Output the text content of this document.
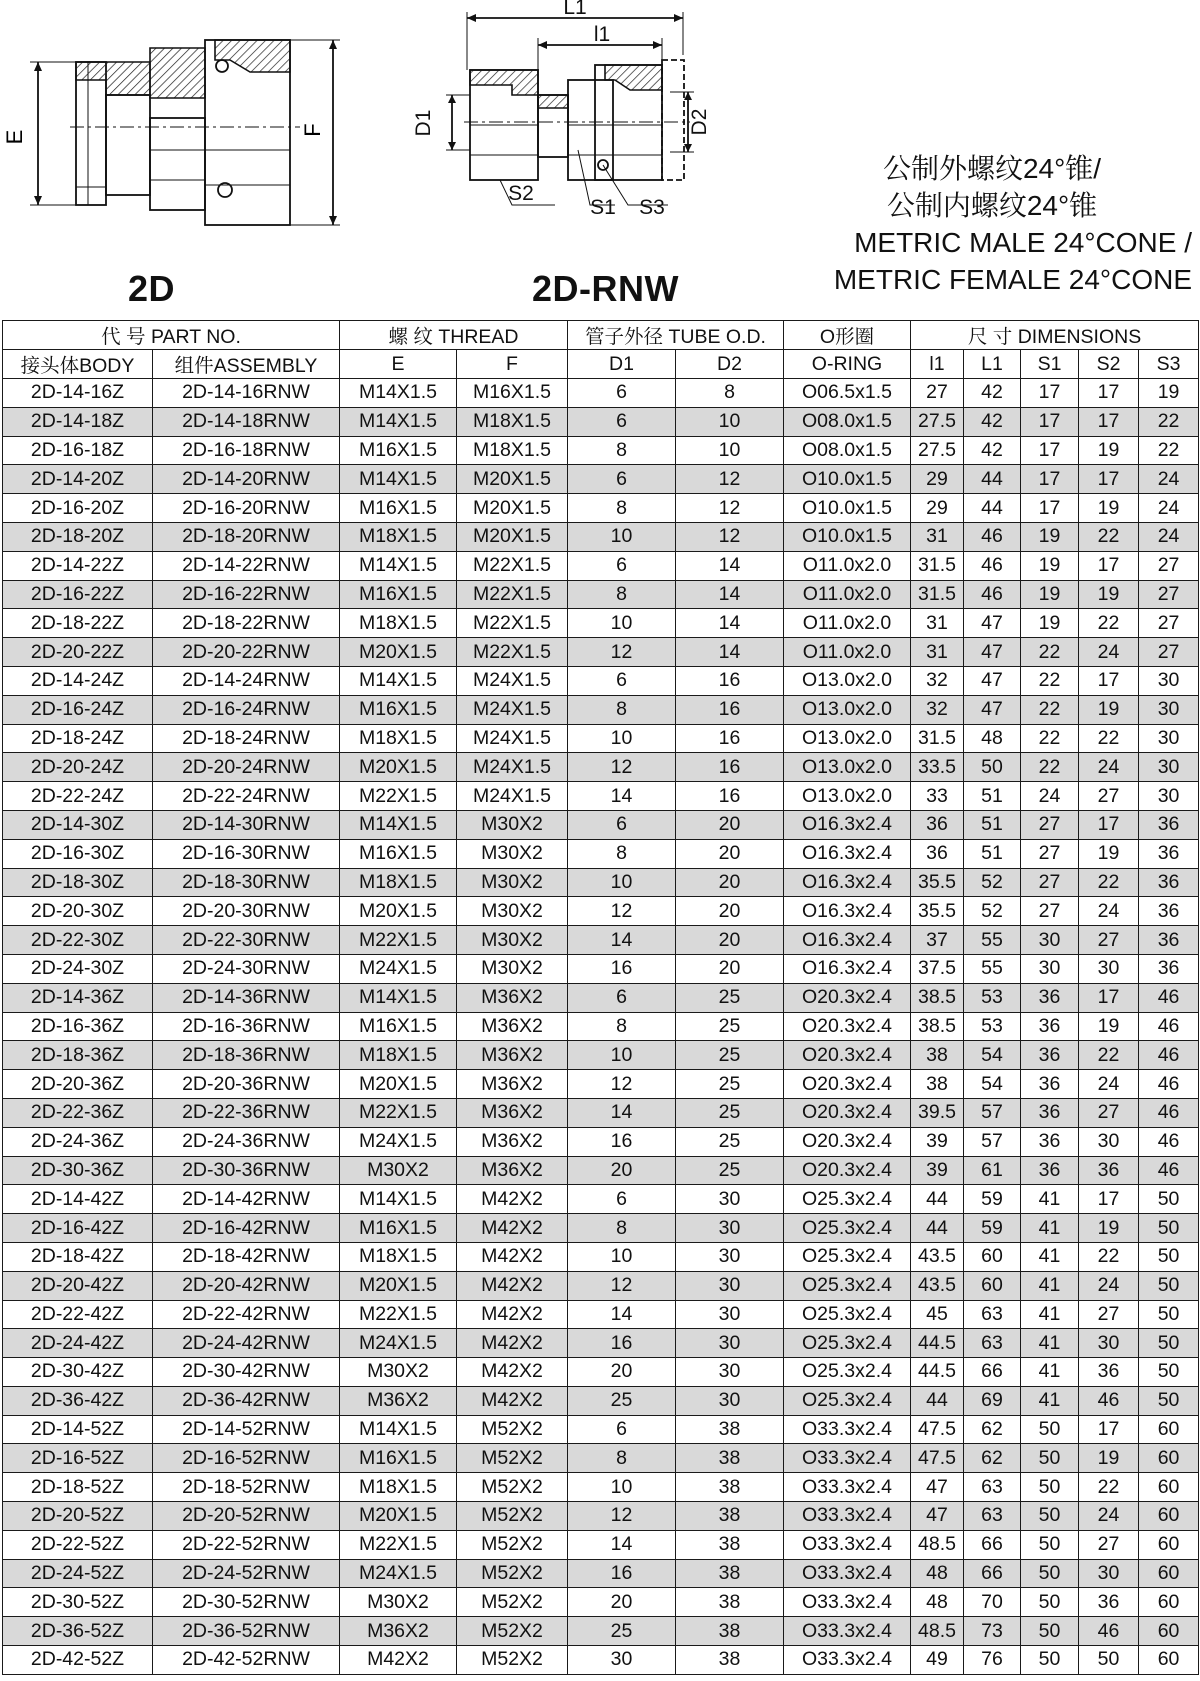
E	F
L1
l1
D1	D2
S2
S1 S3
2D	2D-RNW
公制外螺纹24°锥/
公制内螺纹24°锥
METRIC MALE 24°CONE /
METRIC FEMALE 24°CONE
代 号 PART NO.		螺 纹 THREAD		管子外径 TUBE O.D.		O形圈	尺 寸 DIMENSIONS				
接头体BODY	组件ASSEMBLY	E	F	D1	D2	O-RING	l1	L1	S1	S2	S3
2D-14-16Z	2D-14-16RNW	M14X1.5	M16X1.5	6	8	O06.5x1.5	27	42	17	17	19
2D-14-18Z	2D-14-18RNW	M14X1.5	M18X1.5	6	10	O08.0x1.5	27.5	42	17	17	22
2D-16-18Z	2D-16-18RNW	M16X1.5	M18X1.5	8	10	O08.0x1.5	27.5	42	17	19	22
2D-14-20Z	2D-14-20RNW	M14X1.5	M20X1.5	6	12	O10.0x1.5	29	44	17	17	24
2D-16-20Z	2D-16-20RNW	M16X1.5	M20X1.5	8	12	O10.0x1.5	29	44	17	19	24
2D-18-20Z	2D-18-20RNW	M18X1.5	M20X1.5	10	12	O10.0x1.5	31	46	19	22	24
2D-14-22Z	2D-14-22RNW	M14X1.5	M22X1.5	6	14	O11.0x2.0	31.5	46	19	17	27
2D-16-22Z	2D-16-22RNW	M16X1.5	M22X1.5	8	14	O11.0x2.0	31.5	46	19	19	27
2D-18-22Z	2D-18-22RNW	M18X1.5	M22X1.5	10	14	O11.0x2.0	31	47	19	22	27
2D-20-22Z	2D-20-22RNW	M20X1.5	M22X1.5	12	14	O11.0x2.0	31	47	22	24	27
2D-14-24Z	2D-14-24RNW	M14X1.5	M24X1.5	6	16	O13.0x2.0	32	47	22	17	30
2D-16-24Z	2D-16-24RNW	M16X1.5	M24X1.5	8	16	O13.0x2.0	32	47	22	19	30
2D-18-24Z	2D-18-24RNW	M18X1.5	M24X1.5	10	16	O13.0x2.0	31.5	48	22	22	30
2D-20-24Z	2D-20-24RNW	M20X1.5	M24X1.5	12	16	O13.0x2.0	33.5	50	22	24	30
2D-22-24Z	2D-22-24RNW	M22X1.5	M24X1.5	14	16	O13.0x2.0	33	51	24	27	30
2D-14-30Z	2D-14-30RNW	M14X1.5	M30X2	6	20	O16.3x2.4	36	51	27	17	36
2D-16-30Z	2D-16-30RNW	M16X1.5	M30X2	8	20	O16.3x2.4	36	51	27	19	36
2D-18-30Z	2D-18-30RNW	M18X1.5	M30X2	10	20	O16.3x2.4	35.5	52	27	22	36
2D-20-30Z	2D-20-30RNW	M20X1.5	M30X2	12	20	O16.3x2.4	35.5	52	27	24	36
2D-22-30Z	2D-22-30RNW	M22X1.5	M30X2	14	20	O16.3x2.4	37	55	30	27	36
2D-24-30Z	2D-24-30RNW	M24X1.5	M30X2	16	20	O16.3x2.4	37.5	55	30	30	36
2D-14-36Z	2D-14-36RNW	M14X1.5	M36X2	6	25	O20.3x2.4	38.5	53	36	17	46
2D-16-36Z	2D-16-36RNW	M16X1.5	M36X2	8	25	O20.3x2.4	38.5	53	36	19	46
2D-18-36Z	2D-18-36RNW	M18X1.5	M36X2	10	25	O20.3x2.4	38	54	36	22	46
2D-20-36Z	2D-20-36RNW	M20X1.5	M36X2	12	25	O20.3x2.4	38	54	36	24	46
2D-22-36Z	2D-22-36RNW	M22X1.5	M36X2	14	25	O20.3x2.4	39.5	57	36	27	46
2D-24-36Z	2D-24-36RNW	M24X1.5	M36X2	16	25	O20.3x2.4	39	57	36	30	46
2D-30-36Z	2D-30-36RNW	M30X2	M36X2	20	25	O20.3x2.4	39	61	36	36	46
2D-14-42Z	2D-14-42RNW	M14X1.5	M42X2	6	30	O25.3x2.4	44	59	41	17	50
2D-16-42Z	2D-16-42RNW	M16X1.5	M42X2	8	30	O25.3x2.4	44	59	41	19	50
2D-18-42Z	2D-18-42RNW	M18X1.5	M42X2	10	30	O25.3x2.4	43.5	60	41	22	50
2D-20-42Z	2D-20-42RNW	M20X1.5	M42X2	12	30	O25.3x2.4	43.5	60	41	24	50
2D-22-42Z	2D-22-42RNW	M22X1.5	M42X2	14	30	O25.3x2.4	45	63	41	27	50
2D-24-42Z	2D-24-42RNW	M24X1.5	M42X2	16	30	O25.3x2.4	44.5	63	41	30	50
2D-30-42Z	2D-30-42RNW	M30X2	M42X2	20	30	O25.3x2.4	44.5	66	41	36	50
2D-36-42Z	2D-36-42RNW	M36X2	M42X2	25	30	O25.3x2.4	44	69	41	46	50
2D-14-52Z	2D-14-52RNW	M14X1.5	M52X2	6	38	O33.3x2.4	47.5	62	50	17	60
2D-16-52Z	2D-16-52RNW	M16X1.5	M52X2	8	38	O33.3x2.4	47.5	62	50	19	60
2D-18-52Z	2D-18-52RNW	M18X1.5	M52X2	10	38	O33.3x2.4	47	63	50	22	60
2D-20-52Z	2D-20-52RNW	M20X1.5	M52X2	12	38	O33.3x2.4	47	63	50	24	60
2D-22-52Z	2D-22-52RNW	M22X1.5	M52X2	14	38	O33.3x2.4	48.5	66	50	27	60
2D-24-52Z	2D-24-52RNW	M24X1.5	M52X2	16	38	O33.3x2.4	48	66	50	30	60
2D-30-52Z	2D-30-52RNW	M30X2	M52X2	20	38	O33.3x2.4	48	70	50	36	60
2D-36-52Z	2D-36-52RNW	M36X2	M52X2	25	38	O33.3x2.4	48.5	73	50	46	60
2D-42-52Z	2D-42-52RNW	M42X2	M52X2	30	38	O33.3x2.4	49	76	50	50	60
